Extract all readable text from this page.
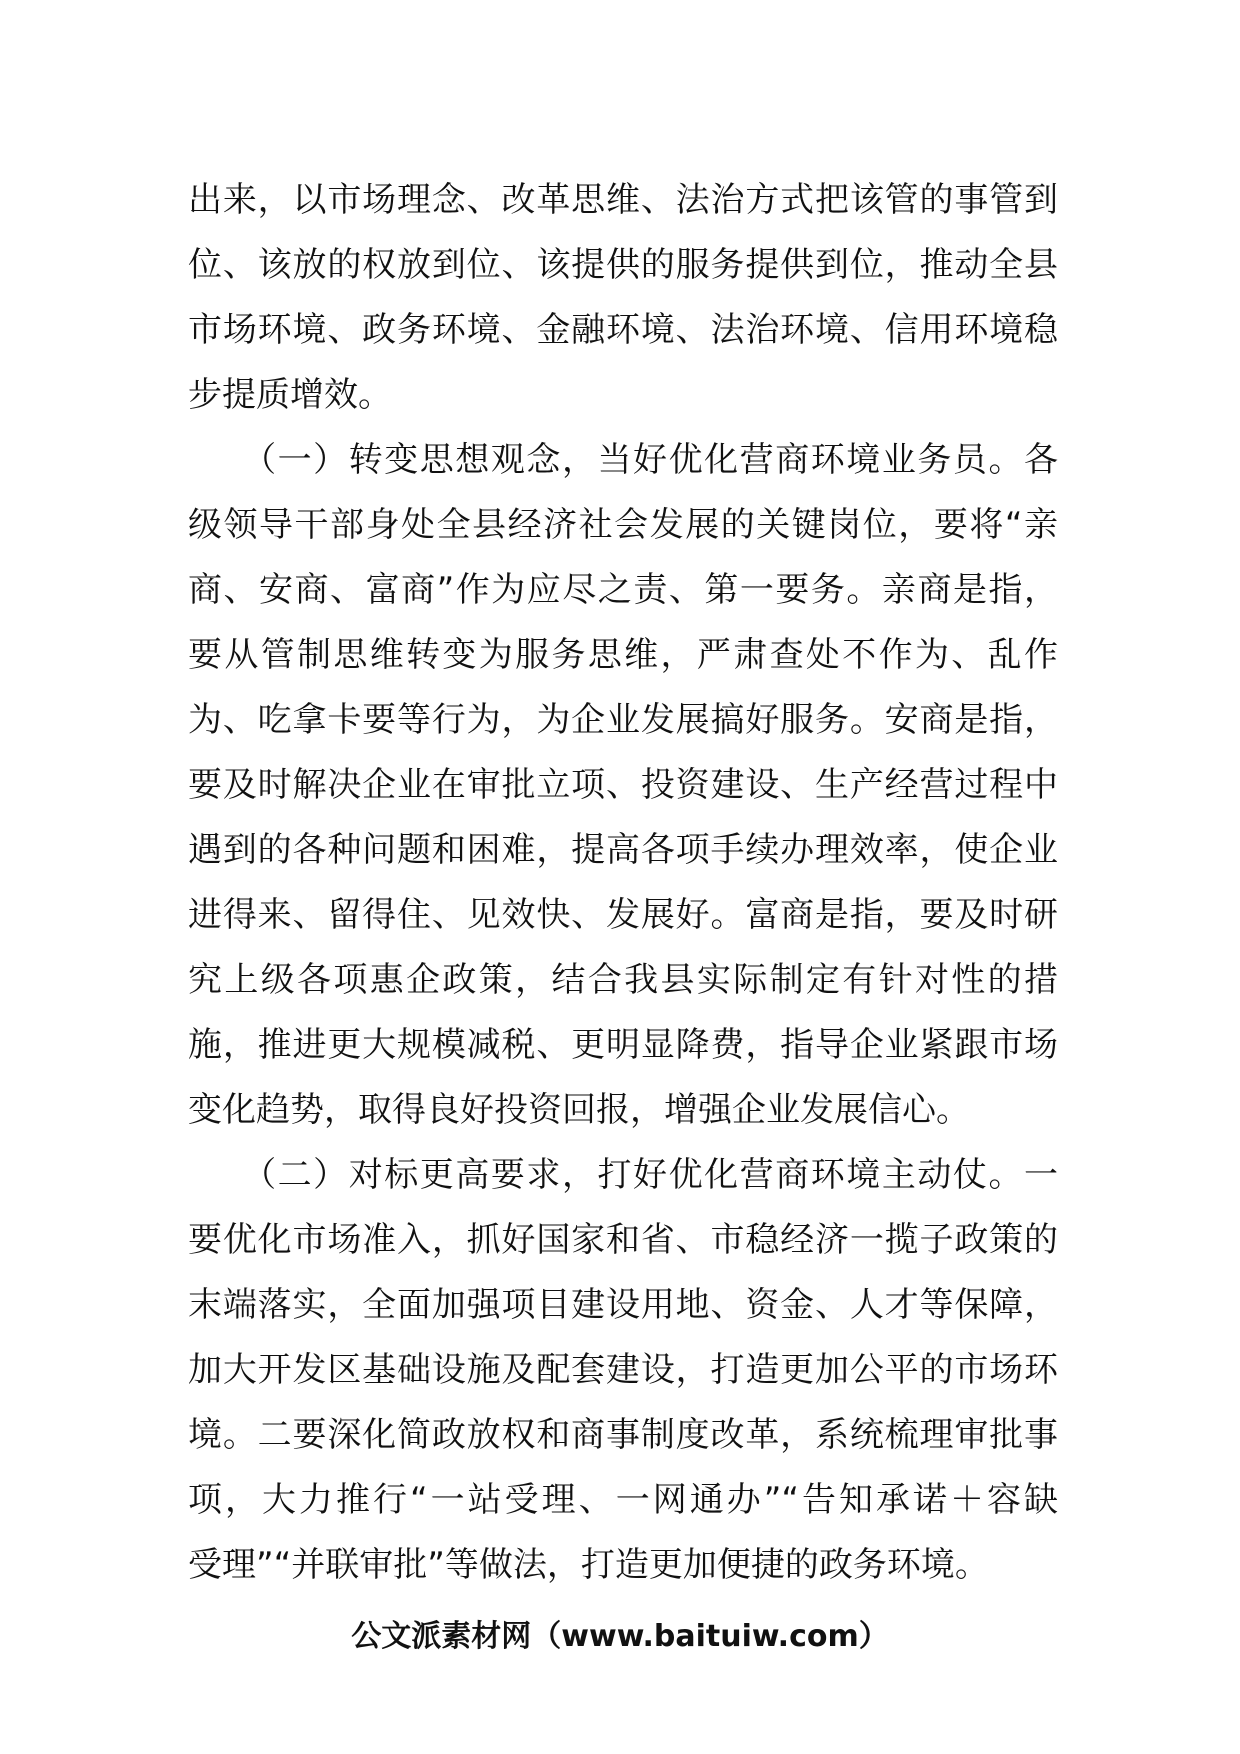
出来，以市场理念、改革思维、法治方式把该管的事管到
位、该放的权放到位、该提供的服务提供到位，推动全县
市场环境、政务环境、金融环境、法治环境、信用环境稳
步提质增效。
　　（一）转变思想观念，当好优化营商环境业务员。各
级领导干部身处全县经济社会发展的关键岗位，要将“亲
商、安商、富商”作为应尽之责、第一要务。亲商是指，
要从管制思维转变为服务思维，严肃查处不作为、乱作
为、吃拿卡要等行为，为企业发展搞好服务。安商是指，
要及时解决企业在审批立项、投资建设、生产经营过程中
遇到的各种问题和困难，提高各项手续办理效率，使企业
进得来、留得住、见效快、发展好。富商是指，要及时研
究上级各项惠企政策，结合我县实际制定有针对性的措
施，推进更大规模减税、更明显降费，指导企业紧跟市场
变化趋势，取得良好投资回报，增强企业发展信心。
　　（二）对标更高要求，打好优化营商环境主动仗。一
要优化市场准入，抓好国家和省、市稳经济一揽子政策的
末端落实，全面加强项目建设用地、资金、人才等保障，
加大开发区基础设施及配套建设，打造更加公平的市场环
境。二要深化简政放权和商事制度改革，系统梳理审批事
项，大力推行“一站受理、一网通办”“告知承诺＋容缺
受理”“并联审批”等做法，打造更加便捷的政务环境。
公文派素材网（www.baituiw.com）
